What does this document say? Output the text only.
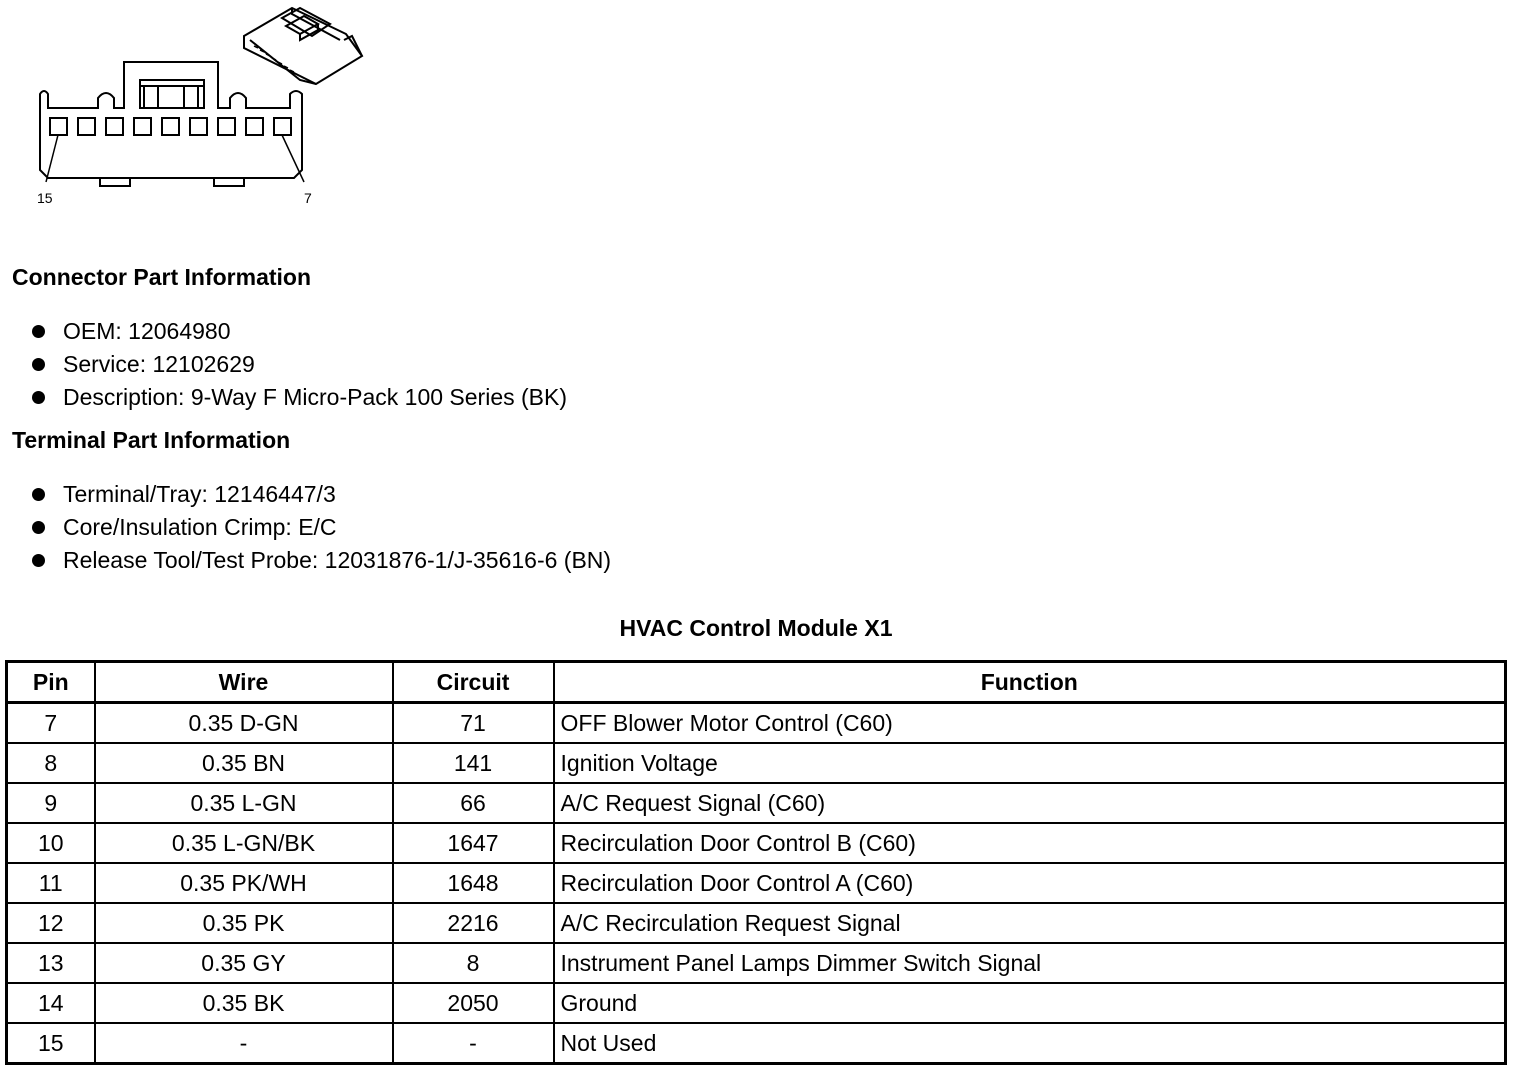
15	7
Connector Part Information
OEM: 12064980
Service: 12102629
Description: 9-Way F Micro-Pack 100 Series (BK)
Terminal Part Information
Terminal/Tray: 12146447/3
Core/Insulation Crimp: E/C
Release Tool/Test Probe: 12031876-1/J-35616-6 (BN)
HVAC Control Module X1
Pin	Wire	Circuit	Function
7	0.35 D-GN	71	OFF Blower Motor Control (C60)
8	0.35 BN	141	Ignition Voltage
9	0.35 L-GN	66	A/C Request Signal (C60)
10	0.35 L-GN/BK	1647	Recirculation Door Control B (C60)
11	0.35 PK/WH	1648	Recirculation Door Control A (C60)
12	0.35 PK	2216	A/C Recirculation Request Signal
13	0.35 GY	8	Instrument Panel Lamps Dimmer Switch Signal
14	0.35 BK	2050	Ground
15	-	-	Not Used
